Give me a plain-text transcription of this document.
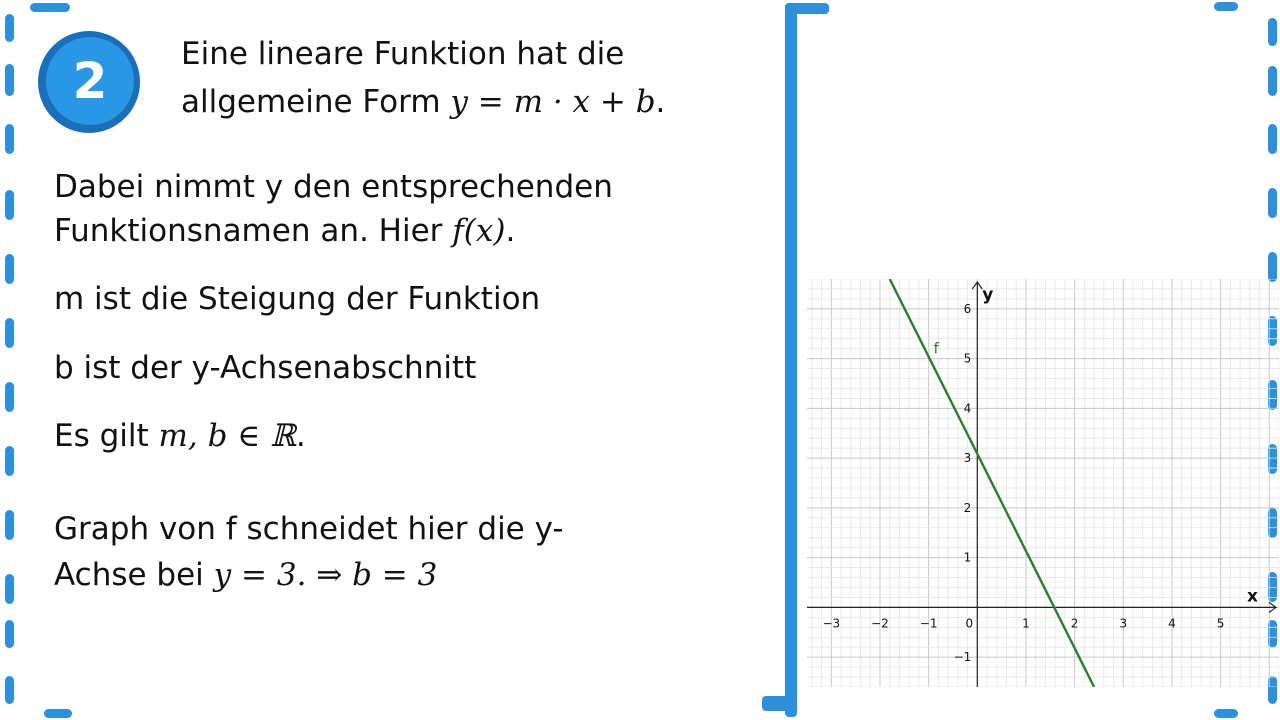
2	Eine lineare Funktion hat die
allgemeine Form y = m · x + b.
Dabei nimmt y den entsprechenden
Funktionsnamen an. Hier f(x).
m ist die Steigung der Funktion
b ist der y-Achsenabschnitt
Es gilt m, b ∈ ℝ.
Graph von f schneidet hier die y-
Achse bei y = 3. ⇒ b = 3
x
y
−3	−2	−1 0	1	2	3	4	5
−1
1
2
3
4
5
6
f
